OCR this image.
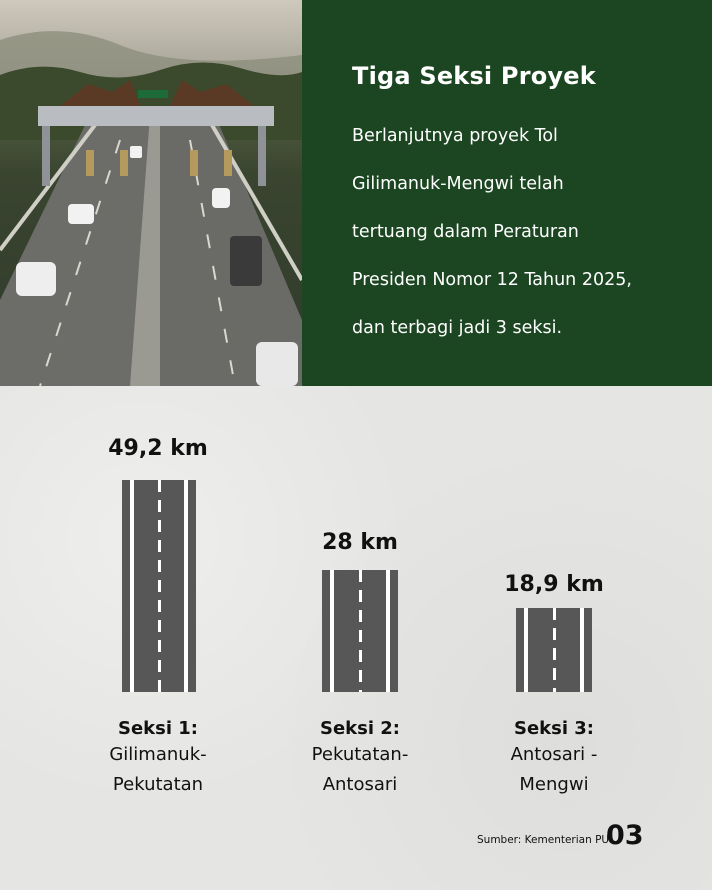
Tiga Seksi Proyek
Berlanjutnya proyek Tol
Gilimanuk-Mengwi telah
tertuang dalam Peraturan
Presiden Nomor 12 Tahun 2025,
dan terbagi jadi 3 seksi.
49,2 km
Seksi 1:
Gilimanuk-
Pekutatan
28 km
Seksi 2:
Pekutatan-
Antosari
18,9 km
Seksi 3:
Antosari -
Mengwi
Sumber: Kementerian PU
03
